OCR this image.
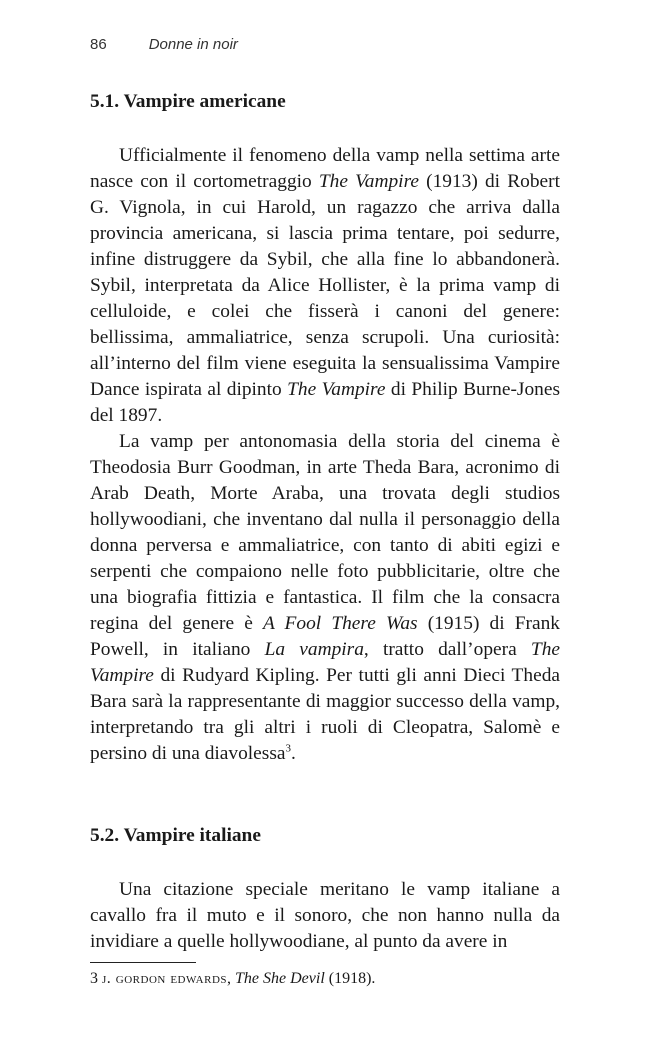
86	Donne in noir
5.1. Vampire americane

Ufficialmente il fenomeno della vamp nella settima arte nasce con il cortometraggio The Vampire (1913) di Robert G. Vignola, in cui Harold, un ragazzo che arriva dalla provincia americana, si lascia prima tentare, poi sedurre, infine distruggere da Sybil, che alla fine lo abbandonerà. Sybil, interpretata da Alice Hollister, è la prima vamp di celluloide, e colei che fisserà i canoni del genere: bellissima, ammaliatrice, senza scrupoli. Una curiosità: all’interno del film viene eseguita la sensualissima Vampire Dance ispirata al dipinto The Vampire di Philip Burne-Jones del 1897.

La vamp per antonomasia della storia del cinema è Theodosia Burr Goodman, in arte Theda Bara, acronimo di Arab Death, Morte Araba, una trovata degli studios hollywoodiani, che inventano dal nulla il personaggio della donna perversa e ammaliatrice, con tanto di abiti egizi e serpenti che compaiono nelle foto pubblicitarie, oltre che una biografia fittizia e fantastica. Il film che la consacra regina del genere è A Fool There Was (1915) di Frank Powell, in italiano La vampira, tratto dall’opera The Vampire di Rudyard Kipling. Per tutti gli anni Dieci Theda Bara sarà la rappresentante di maggior successo della vamp, interpretando tra gli altri i ruoli di Cleopatra, Salomè e persino di una diavolessa$^3$.

5.2. Vampire italiane

Una citazione speciale meritano le vamp italiane a cavallo fra il muto e il sonoro, che non hanno nulla da invidiare a quelle hollywoodiane, al punto da avere in

3 j. gordon edwards, The She Devil (1918).
